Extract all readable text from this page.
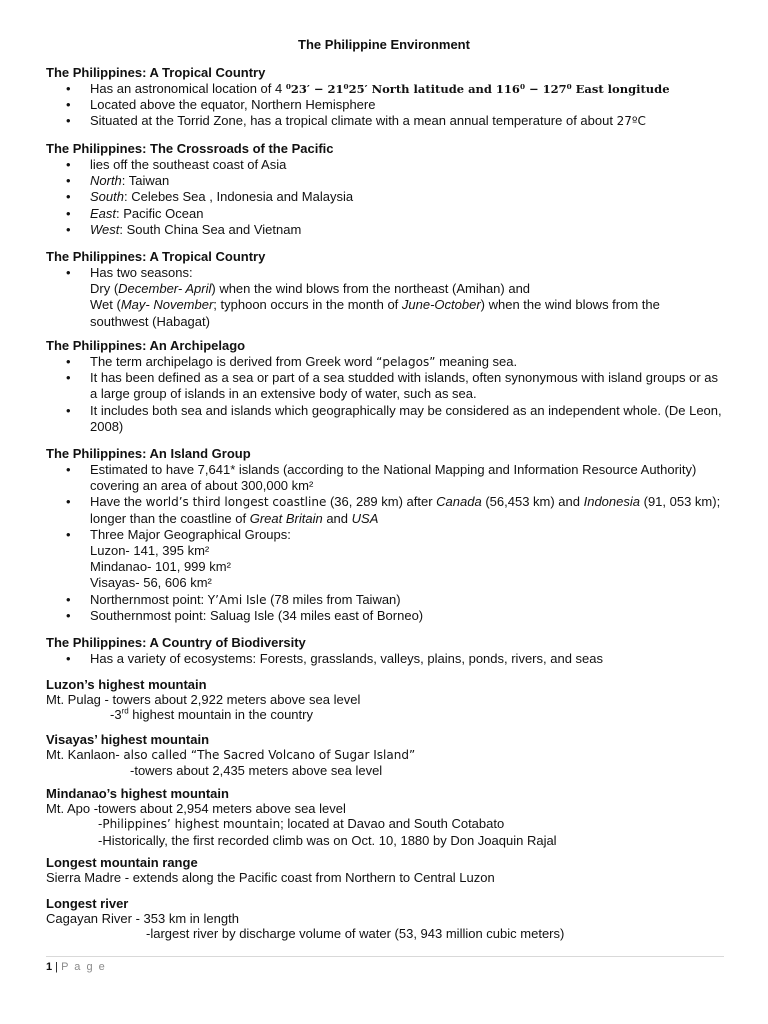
The Philippine Environment
The Philippines: A Tropical Country
• Has an astronomical location of 4 ⁰23′ − 21⁰25′ North latitude and 116⁰ − 127⁰ East longitude
• Located above the equator, Northern Hemisphere
• Situated at the Torrid Zone, has a tropical climate with a mean annual temperature of about 27ºC
The Philippines: The Crossroads of the Pacific
• lies off the southeast coast of Asia
• North: Taiwan
• South: Celebes Sea , Indonesia and Malaysia
• East: Pacific Ocean
• West: South China Sea and Vietnam
The Philippines: A Tropical Country
• Has two seasons:
Dry (December- April) when the wind blows from the northeast (Amihan) and
Wet (May- November; typhoon occurs in the month of June-October) when the wind blows from the
southwest (Habagat)
The Philippines: An Archipelago
• The term archipelago is derived from Greek word “pelagos” meaning sea.
• It has been defined as a sea or part of a sea studded with islands, often synonymous with island groups or as a large group of islands in an extensive body of water, such as sea.
• It includes both sea and islands which geographically may be considered as an independent whole. (De Leon, 2008)
The Philippines: An Island Group
• Estimated to have 7,641* islands (according to the National Mapping and Information Resource Authority) covering an area of about 300,000 km²
• Have the world’s third longest coastline (36, 289 km) after Canada (56,453 km) and Indonesia (91, 053 km); longer than the coastline of Great Britain and USA
• Three Major Geographical Groups:
Luzon- 141, 395 km²
Mindanao- 101, 999 km²
Visayas- 56, 606 km²
• Northernmost point: Y’Ami Isle (78 miles from Taiwan)
• Southernmost point: Saluag Isle (34 miles east of Borneo)
The Philippines: A Country of Biodiversity
• Has a variety of ecosystems: Forests, grasslands, valleys, plains, ponds, rivers, and seas
Luzon’s highest mountain
Mt. Pulag - towers about 2,922 meters above sea level
-3rd highest mountain in the country
Visayas’ highest mountain
Mt. Kanlaon- also called “The Sacred Volcano of Sugar Island”
-towers about 2,435 meters above sea level
Mindanao’s highest mountain
Mt. Apo -towers about 2,954 meters above sea level
-Philippines’ highest mountain; located at Davao and South Cotabato
-Historically, the first recorded climb was on Oct. 10, 1880 by Don Joaquin Rajal
Longest mountain range
Sierra Madre - extends along the Pacific coast from Northern to Central Luzon
Longest river
Cagayan River - 353 km in length
-largest river by discharge volume of water (53, 943 million cubic meters)
1 | P a g e
